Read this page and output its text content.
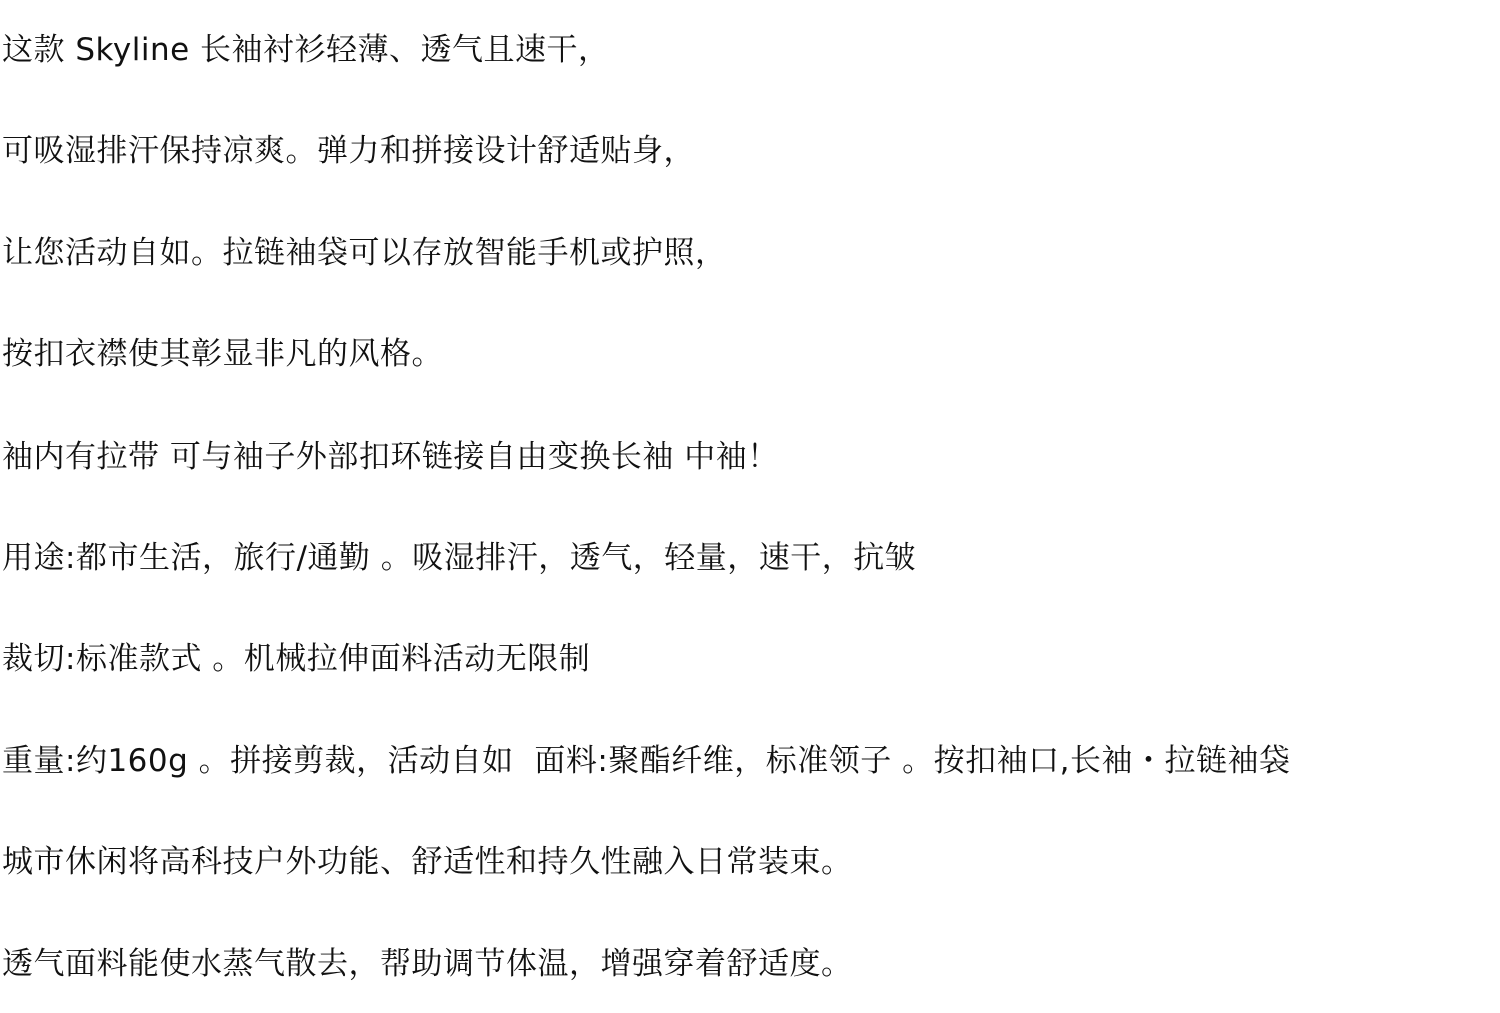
这款 Skyline 长袖衬衫轻薄、透气且速干，

可吸湿排汗保持凉爽。弹力和拼接设计舒适贴身，

让您活动自如。拉链袖袋可以存放智能手机或护照，

按扣衣襟使其彰显非凡的风格。

袖内有拉带 可与袖子外部扣环链接自由变换长袖 中袖！

用途:都市生活，旅行/通勤 。吸湿排汗，透气，轻量，速干，抗皱

裁切:标准款式 。机械拉伸面料活动无限制

重量:约160g 。拼接剪裁，活动自如  面料:聚酯纤维，标准领子 。按扣袖口,长袖・拉链袖袋

城市休闲将高科技户外功能、舒适性和持久性融入日常装束。

透气面料能使水蒸气散去，帮助调节体温，增强穿着舒适度。
